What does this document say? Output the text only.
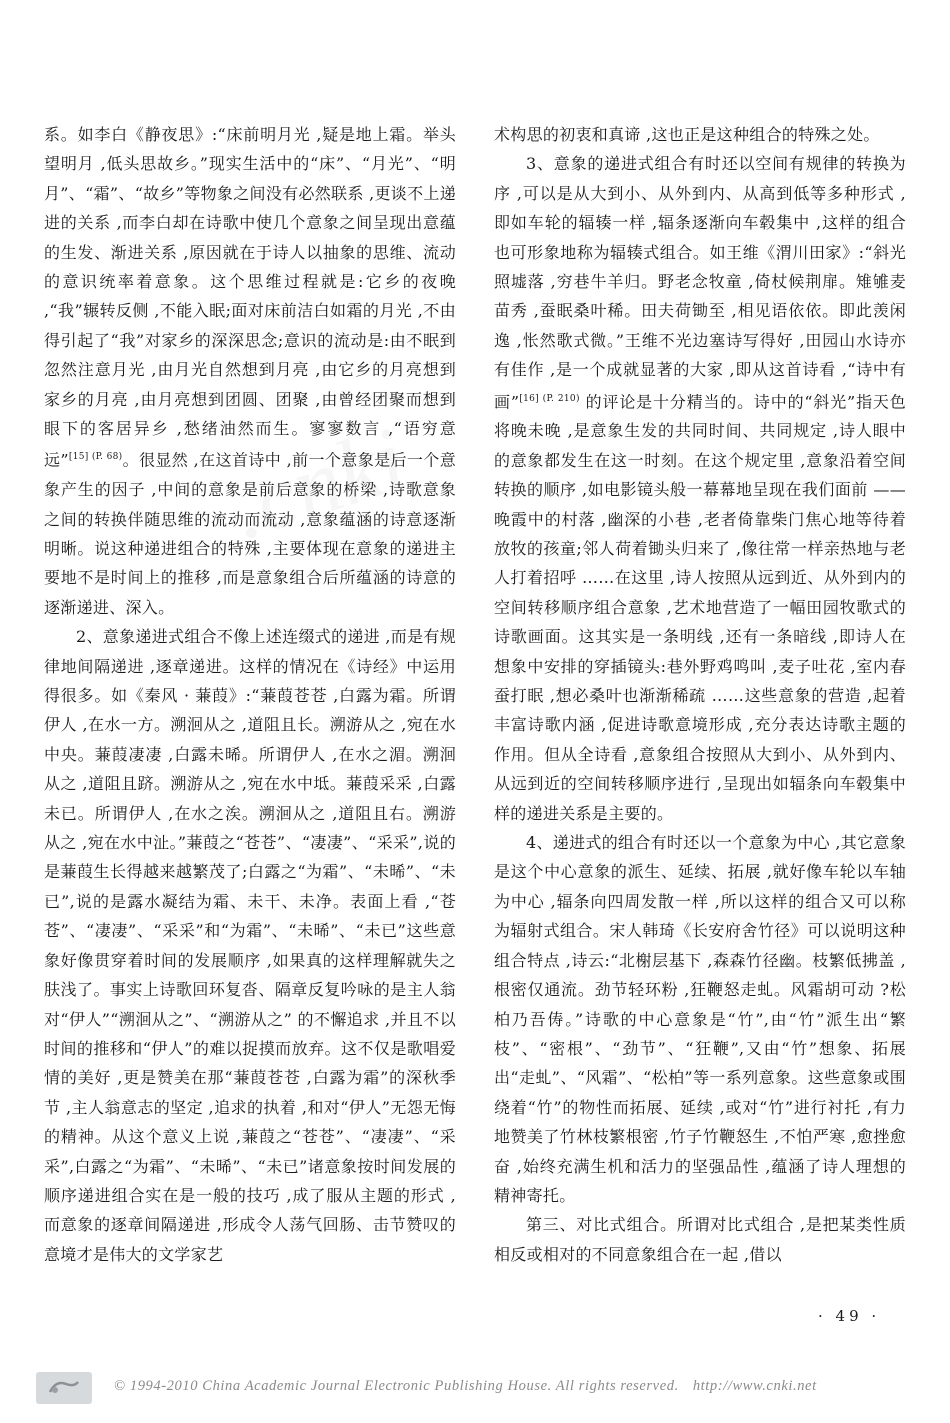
系。如李白《静夜思》:“床前明月光 ,疑是地上霜。举头望明月 ,低头思故乡。”现实生活中的“床”、“月光”、“明月”、“霜”、“故乡”等物象之间没有必然联系 ,更谈不上递进的关系 ,而李白却在诗歌中使几个意象之间呈现出意蕴的生发、渐进关系 ,原因就在于诗人以抽象的思维、流动的意识统率着意象。这个思维过程就是:它乡的夜晚 ,“我”辗转反侧 ,不能入眠;面对床前洁白如霜的月光 ,不由得引起了“我”对家乡的深深思念;意识的流动是:由不眠到忽然注意月光 ,由月光自然想到月亮 ,由它乡的月亮想到家乡的月亮 ,由月亮想到团圆、团聚 ,由曾经团聚而想到眼下的客居异乡 ,愁绪油然而生。寥寥数言 ,“语穷意远”$^{[15] (P. 68)}$。很显然 ,在这首诗中 ,前一个意象是后一个意象产生的因子 ,中间的意象是前后意象的桥梁 ,诗歌意象之间的转换伴随思维的流动而流动 ,意象蕴涵的诗意逐渐明晰。说这种递进组合的特殊 ,主要体现在意象的递进主要地不是时间上的推移 ,而是意象组合后所蕴涵的诗意的逐渐递进、深入。

2、意象递进式组合不像上述连缀式的递进 ,而是有规律地间隔递进 ,逐章递进。这样的情况在《诗经》中运用得很多。如《秦风 · 蒹葭》:“蒹葭苍苍 ,白露为霜。所谓伊人 ,在水一方。溯洄从之 ,道阻且长。溯游从之 ,宛在水中央。蒹葭凄凄 ,白露未晞。所谓伊人 ,在水之湄。溯洄从之 ,道阻且跻。溯游从之 ,宛在水中坻。蒹葭采采 ,白露未已。所谓伊人 ,在水之涘。溯洄从之 ,道阻且右。溯游从之 ,宛在水中沚。”蒹葭之“苍苍”、“凄凄”、“采采”,说的是蒹葭生长得越来越繁茂了;白露之“为霜”、“未晞”、“未已”,说的是露水凝结为霜、未干、未净。表面上看 ,“苍苍”、“凄凄”、“采采”和“为霜”、“未晞”、“未已”这些意象好像贯穿着时间的发展顺序 ,如果真的这样理解就失之肤浅了。事实上诗歌回环复沓、隔章反复吟咏的是主人翁对“伊人”“溯洄从之”、“溯游从之” 的不懈追求 ,并且不以时间的推移和“伊人”的难以捉摸而放弃。这不仅是歌唱爱情的美好 ,更是赞美在那“蒹葭苍苍 ,白露为霜”的深秋季节 ,主人翁意志的坚定 ,追求的执着 ,和对“伊人”无怨无悔的精神。从这个意义上说 ,蒹葭之“苍苍”、“凄凄”、“采采”,白露之“为霜”、“未晞”、“未已”诸意象按时间发展的顺序递进组合实在是一般的技巧 ,成了服从主题的形式 ,而意象的逐章间隔递进 ,形成令人荡气回肠、击节赞叹的意境才是伟大的文学家艺

术构思的初衷和真谛 ,这也正是这种组合的特殊之处。

3、意象的递进式组合有时还以空间有规律的转换为序 ,可以是从大到小、从外到内、从高到低等多种形式 ,即如车轮的辐辏一样 ,辐条逐渐向车毂集中 ,这样的组合也可形象地称为辐辏式组合。如王维《渭川田家》:“斜光照墟落 ,穷巷牛羊归。野老念牧童 ,倚杖候荆扉。雉雊麦苗秀 ,蚕眠桑叶稀。田夫荷锄至 ,相见语依依。即此羡闲逸 ,怅然歌式微。”王维不光边塞诗写得好 ,田园山水诗亦有佳作 ,是一个成就显著的大家 ,即从这首诗看 ,“诗中有画”$^{[16] (P. 210)}$ 的评论是十分精当的。诗中的“斜光”指天色将晚未晚 ,是意象生发的共同时间、共同规定 ,诗人眼中的意象都发生在这一时刻。在这个规定里 ,意象沿着空间转换的顺序 ,如电影镜头般一幕幕地呈现在我们面前 ——晚霞中的村落 ,幽深的小巷 ,老者倚靠柴门焦心地等待着放牧的孩童;邻人荷着锄头归来了 ,像往常一样亲热地与老人打着招呼 ……在这里 ,诗人按照从远到近、从外到内的空间转移顺序组合意象 ,艺术地营造了一幅田园牧歌式的诗歌画面。这其实是一条明线 ,还有一条暗线 ,即诗人在想象中安排的穿插镜头:巷外野鸡鸣叫 ,麦子吐花 ,室内春蚕打眠 ,想必桑叶也渐渐稀疏 ……这些意象的营造 ,起着丰富诗歌内涵 ,促进诗歌意境形成 ,充分表达诗歌主题的作用。但从全诗看 ,意象组合按照从大到小、从外到内、从远到近的空间转移顺序进行 ,呈现出如辐条向车毂集中样的递进关系是主要的。

4、递进式的组合有时还以一个意象为中心 ,其它意象是这个中心意象的派生、延续、拓展 ,就好像车轮以车轴为中心 ,辐条向四周发散一样 ,所以这样的组合又可以称为辐射式组合。宋人韩琦《长安府舍竹径》可以说明这种组合特点 ,诗云:“北榭层基下 ,森森竹径幽。枝繁低拂盖 ,根密仅通流。劲节轻环粉 ,狂鞭怒走虬。风霜胡可动 ?松柏乃吾俦。”诗歌的中心意象是“竹”,由“竹”派生出“繁枝”、“密根”、“劲节”、“狂鞭”,又由“竹”想象、拓展出“走虬”、“风霜”、“松柏”等一系列意象。这些意象或围绕着“竹”的物性而拓展、延续 ,或对“竹”进行衬托 ,有力地赞美了竹林枝繁根密 ,竹子竹鞭怒生 ,不怕严寒 ,愈挫愈奋 ,始终充满生机和活力的坚强品性 ,蕴涵了诗人理想的精神寄托。

第三、对比式组合。所谓对比式组合 ,是把某类性质相反或相对的不同意象组合在一起 ,借以

· 49 ·
© 1994-2010 China Academic Journal Electronic Publishing House. All rights reserved. http://www.cnki.net
